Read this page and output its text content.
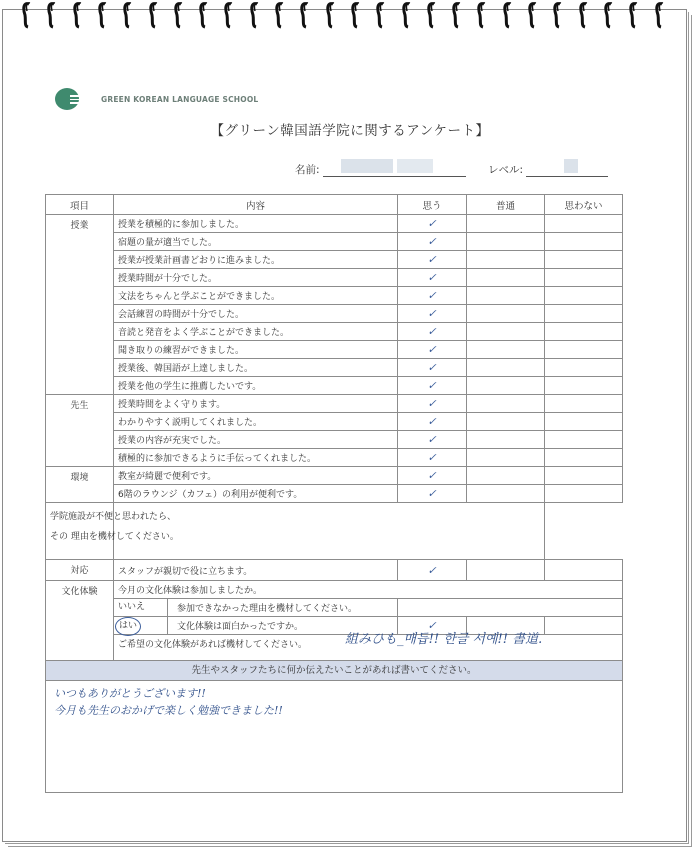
GREEN KOREAN LANGUAGE SCHOOL
【グリーン韓国語学院に関するアンケート】
名前:	レベル:
項目	内容	思う	普通	思わない
授業	授業を積極的に参加しました。	✓		
	宿題の量が適当でした。	✓		
	授業が授業計画書どおりに進みました。	✓		
	授業時間が十分でした。	✓		
	文法をちゃんと学ぶことができました。	✓		
	会話練習の時間が十分でした。	✓		
	音読と発音をよく学ぶことができました。	✓		
	聞き取りの練習ができました。	✓		
	授業後、韓国語が上達しました。	✓		
	授業を他の学生に推薦したいです。	✓		
先生	授業時間をよく守ります。	✓		
	わかりやすく説明してくれました。	✓		
	授業の内容が充実でした。	✓		
	積極的に参加できるように手伝ってくれました。	✓		
環境	教室が綺麗で便利です。	✓		
	6階のラウンジ（カフェ）の利用が便利です。	✓		

学院施設が不便と思われたら、
その 理由を機材してください。				

対応	スタッフが親切で役に立ちます。	✓		
文化体験	今月の文化体験は参加しましたか。			

	いいえ 参加できなかった理由を機材してください。			

	はい 文化体験は面白かったですか。	✓		
	ご希望の文化体験があれば機材してください。				組みひも_매듭!! 한글 서예!! 書道.
先生やスタッフたちに何か伝えたいことがあれば書いてください。
いつもありがとうございます!!
今月も先生のおかげで楽しく勉強できました!!
